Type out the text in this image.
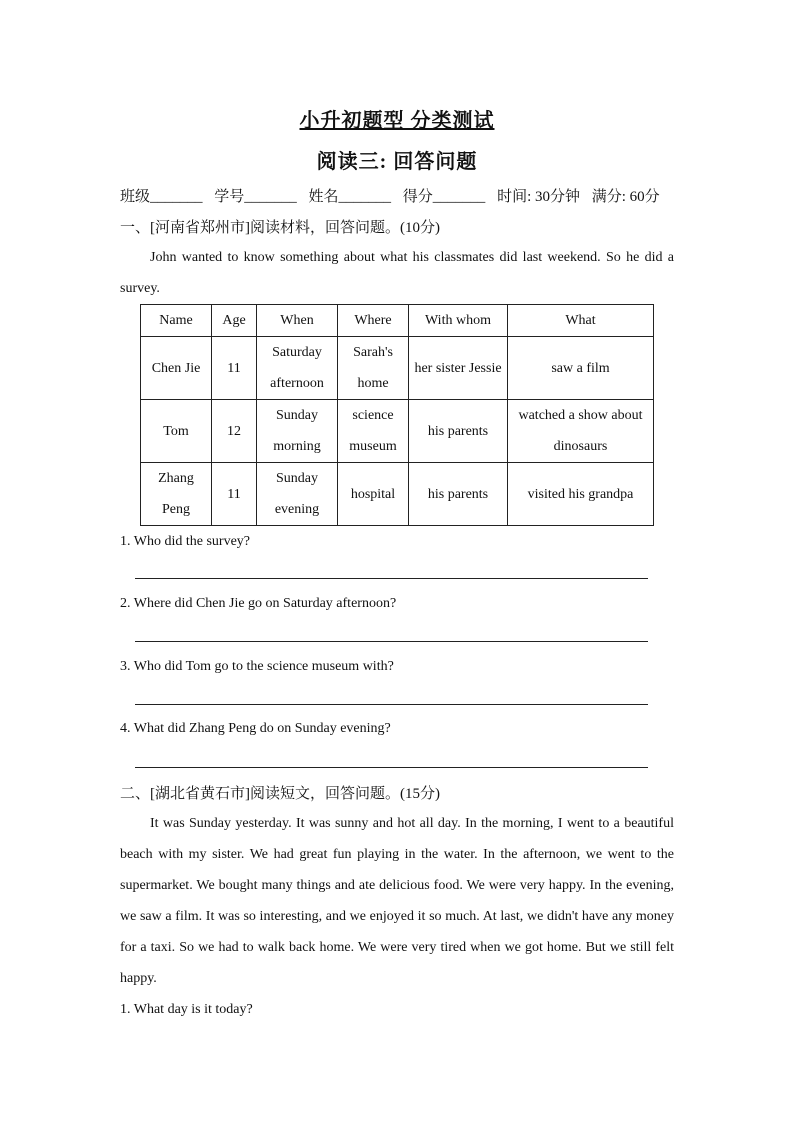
小升初题型 分类测试
阅读三: 回答问题
班级_______ 学号_______ 姓名_______ 得分_______ 时间: 30分钟 满分: 60分
一、[河南省郑州市]阅读材料，回答问题。(10分)
John wanted to know something about what his classmates did last weekend. So he did a survey.
Name	Age	When	Where	With whom	What
Chen Jie	11	Saturday afternoon	Sarah's home	her sister Jessie	saw a film
Tom	12	Sunday morning	science museum	his parents	watched a show about dinosaurs
Zhang Peng	11	Sunday evening	hospital	his parents	visited his grandpa
1. Who did the survey?
2. Where did Chen Jie go on Saturday afternoon?
3. Who did Tom go to the science museum with?
4. What did Zhang Peng do on Sunday evening?
二、[湖北省黄石市]阅读短文，回答问题。(15分)
It was Sunday yesterday. It was sunny and hot all day. In the morning, I went to a beautiful beach with my sister. We had great fun playing in the water. In the afternoon, we went to the supermarket. We bought many things and ate delicious food. We were very happy. In the evening, we saw a film. It was so interesting, and we enjoyed it so much. At last, we didn't have any money for a taxi. So we had to walk back home. We were very tired when we got home. But we still felt happy.
1. What day is it today?
